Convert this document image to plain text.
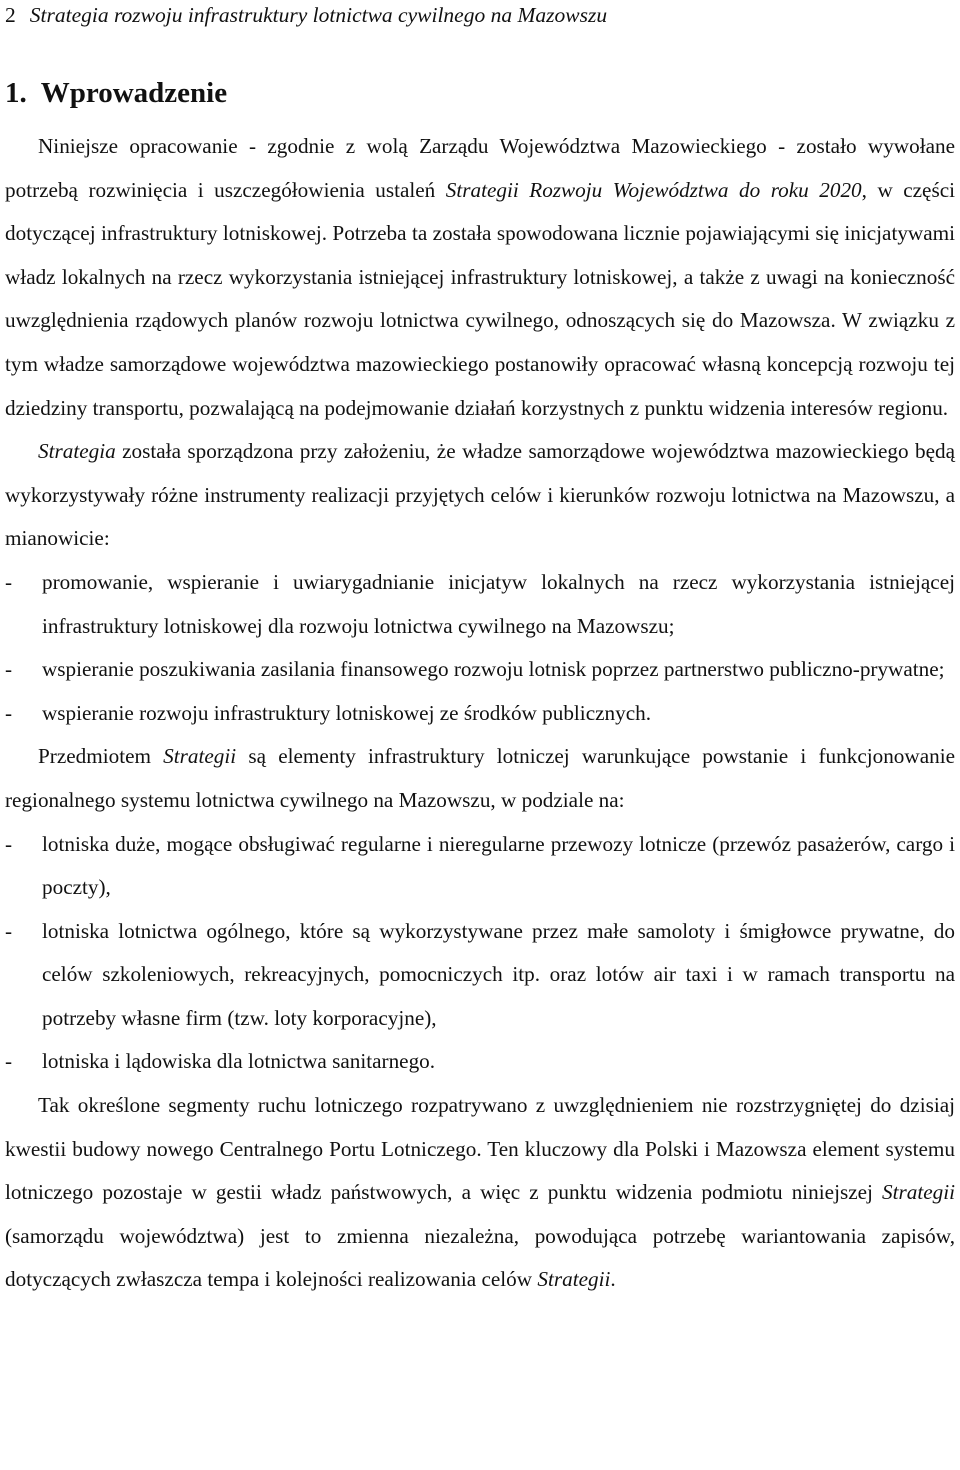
2 Strategia rozwoju infrastruktury lotnictwa cywilnego na Mazowszu
1. Wprowadzenie

Niniejsze opracowanie - zgodnie z wolą Zarządu Województwa Mazowieckiego - zostało wywołane potrzebą rozwinięcia i uszczegółowienia ustaleń Strategii Rozwoju Województwa do roku 2020, w części dotyczącej infrastruktury lotniskowej. Potrzeba ta została spowodowana licznie pojawiającymi się inicjatywami władz lokalnych na rzecz wykorzystania istniejącej infrastruktury lotniskowej, a także z uwagi na konieczność uwzględnienia rządowych planów rozwoju lotnictwa cywilnego, odnoszących się do Mazowsza. W związku z tym władze samorządowe województwa mazowieckiego postanowiły opracować własną koncepcją rozwoju tej dziedziny transportu, pozwalającą na podejmowanie działań korzystnych z punktu widzenia interesów regionu.

Strategia została sporządzona przy założeniu, że władze samorządowe województwa mazowieckiego będą wykorzystywały różne instrumenty realizacji przyjętych celów i kierunków rozwoju lotnictwa na Mazowszu, a mianowicie:

- promowanie, wspieranie i uwiarygadnianie inicjatyw lokalnych na rzecz wykorzystania istniejącej infrastruktury lotniskowej dla rozwoju lotnictwa cywilnego na Mazowszu;
- wspieranie poszukiwania zasilania finansowego rozwoju lotnisk poprzez partnerstwo publiczno-prywatne;
- wspieranie rozwoju infrastruktury lotniskowej ze środków publicznych.

Przedmiotem Strategii są elementy infrastruktury lotniczej warunkujące powstanie i funkcjonowanie regionalnego systemu lotnictwa cywilnego na Mazowszu, w podziale na:

- lotniska duże, mogące obsługiwać regularne i nieregularne przewozy lotnicze (przewóz pasażerów, cargo i poczty),
- lotniska lotnictwa ogólnego, które są wykorzystywane przez małe samoloty i śmigłowce prywatne, do celów szkoleniowych, rekreacyjnych, pomocniczych itp. oraz lotów air taxi i w ramach transportu na potrzeby własne firm (tzw. loty korporacyjne),
- lotniska i lądowiska dla lotnictwa sanitarnego.

Tak określone segmenty ruchu lotniczego rozpatrywano z uwzględnieniem nie rozstrzygniętej do dzisiaj kwestii budowy nowego Centralnego Portu Lotniczego. Ten kluczowy dla Polski i Mazowsza element systemu lotniczego pozostaje w gestii władz państwowych, a więc z punktu widzenia podmiotu niniejszej Strategii (samorządu województwa) jest to zmienna niezależna, powodująca potrzebę wariantowania zapisów, dotyczących zwłaszcza tempa i kolejności realizowania celów Strategii.
